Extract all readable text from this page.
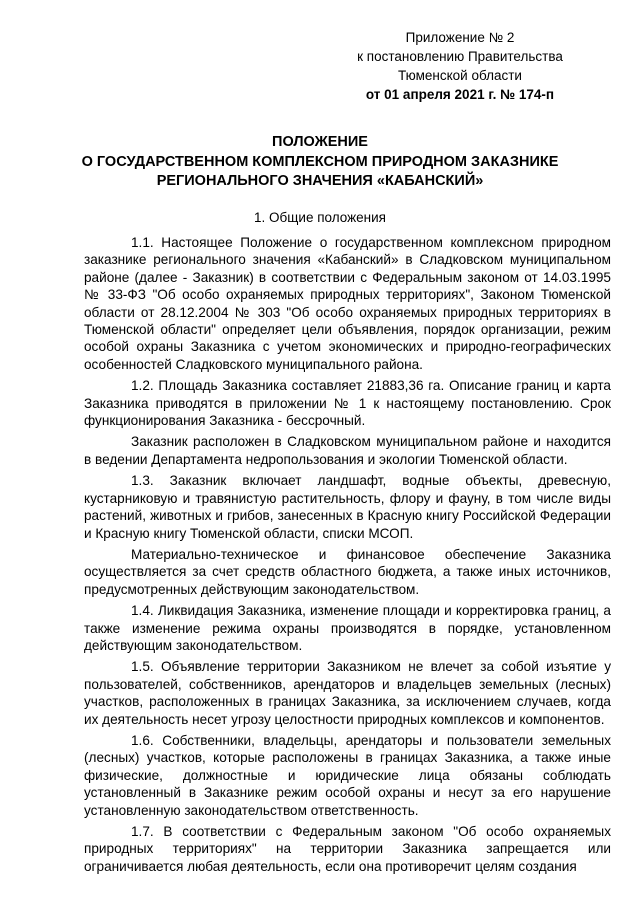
Приложение № 2
к постановлению Правительства
Тюменской области
от 01 апреля 2021 г. № 174-п
ПОЛОЖЕНИЕ
О ГОСУДАРСТВЕННОМ КОМПЛЕКСНОМ ПРИРОДНОМ ЗАКАЗНИКЕ
РЕГИОНАЛЬНОГО ЗНАЧЕНИЯ «КАБАНСКИЙ»
1. Общие положения

1.1. Настоящее Положение о государственном комплексном природном заказнике регионального значения «Кабанский» в Сладковском муниципальном районе (далее - Заказник) в соответствии с Федеральным законом от 14.03.1995 № 33-ФЗ "Об особо охраняемых природных территориях", Законом Тюменской области от 28.12.2004 № 303 "Об особо охраняемых природных территориях в Тюменской области" определяет цели объявления, порядок организации, режим особой охраны Заказника с учетом экономических и природно-географических особенностей Сладковского муниципального района.

1.2. Площадь Заказника составляет 21883,36 га. Описание границ и карта Заказника приводятся в приложении № 1 к настоящему постановлению. Срок функционирования Заказника - бессрочный.

Заказник расположен в Сладковском муниципальном районе и находится в ведении Департамента недропользования и экологии Тюменской области.

1.3. Заказник включает ландшафт, водные объекты, древесную, кустарниковую и травянистую растительность, флору и фауну, в том числе виды растений, животных и грибов, занесенных в Красную книгу Российской Федерации и Красную книгу Тюменской области, списки МСОП.

Материально-техническое и финансовое обеспечение Заказника осуществляется за счет средств областного бюджета, а также иных источников, предусмотренных действующим законодательством.

1.4. Ликвидация Заказника, изменение площади и корректировка границ, а также изменение режима охраны производятся в порядке, установленном действующим законодательством.

1.5. Объявление территории Заказником не влечет за собой изъятие у пользователей, собственников, арендаторов и владельцев земельных (лесных) участков, расположенных в границах Заказника, за исключением случаев, когда их деятельность несет угрозу целостности природных комплексов и компонентов.

1.6. Собственники, владельцы, арендаторы и пользователи земельных (лесных) участков, которые расположены в границах Заказника, а также иные физические, должностные и юридические лица обязаны соблюдать установленный в Заказнике режим особой охраны и несут за его нарушение установленную законодательством ответственность.

1.7. В соответствии с Федеральным законом "Об особо охраняемых природных территориях" на территории Заказника запрещается или ограничивается любая деятельность, если она противоречит целям создания
